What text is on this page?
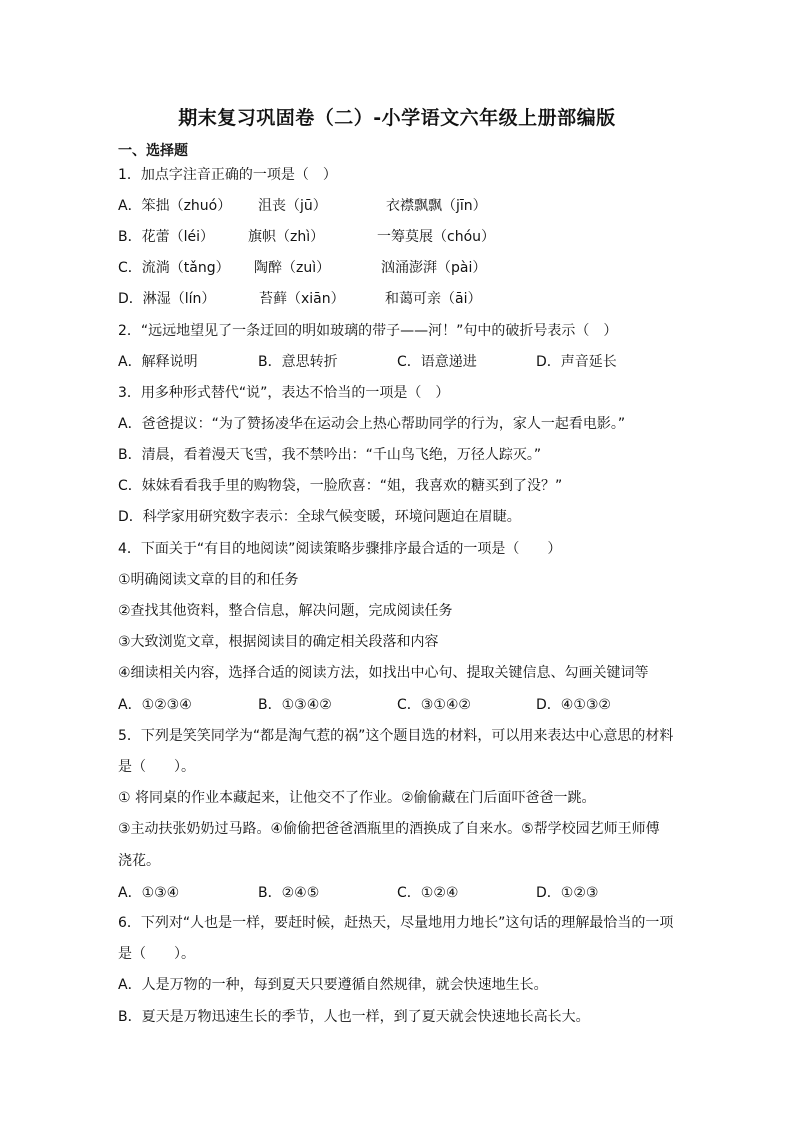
期末复习巩固卷（二）-小学语文六年级上册部编版
一、选择题
1．加点字注音正确的一项是（　）
A．笨拙（zhuó） 沮丧（jū）	衣襟飘飘（jīn）
B．花蕾（léi） 旗帜（zhì）	一筹莫展（chóu）
C．流淌（tǎng） 陶醉（zuì）	汹涌澎湃（pài）
D．淋湿（lín）	苔藓（xiān）	和蔼可亲（āi）
2．“远远地望见了一条迂回的明如玻璃的带子——河！”句中的破折号表示（　）
A．解释说明	B．意思转折	C．语意递进	D．声音延长
3．用多种形式替代“说”，表达不恰当的一项是（　）
A．爸爸提议：“为了赞扬凌华在运动会上热心帮助同学的行为，家人一起看电影。”
B．清晨，看着漫天飞雪，我不禁吟出：“千山鸟飞绝，万径人踪灭。”
C．妹妹看看我手里的购物袋，一脸欣喜：“姐，我喜欢的糖买到了没？”
D．科学家用研究数字表示：全球气候变暖，环境问题迫在眉睫。
4．下面关于“有目的地阅读”阅读策略步骤排序最合适的一项是（　　）
①明确阅读文章的目的和任务
②查找其他资料，整合信息，解决问题，完成阅读任务
③大致浏览文章，根据阅读目的确定相关段落和内容
④细读相关内容，选择合适的阅读方法，如找出中心句、提取关键信息、勾画关键词等
A．①②③④	B．①③④②	C．③①④②	D．④①③②
5．下列是笑笑同学为“都是淘气惹的祸”这个题目选的材料，可以用来表达中心意思的材料
是（　　）。
① 将同桌的作业本藏起来，让他交不了作业。②偷偷藏在门后面吓爸爸一跳。
③主动扶张奶奶过马路。④偷偷把爸爸酒瓶里的酒换成了自来水。⑤帮学校园艺师王师傅
浇花。
A．①③④	B．②④⑤	C．①②④	D．①②③
6．下列对“人也是一样，要赶时候，赶热天，尽量地用力地长”这句话的理解最恰当的一项
是（　　）。
A．人是万物的一种，每到夏天只要遵循自然规律，就会快速地生长。
B．夏天是万物迅速生长的季节，人也一样，到了夏天就会快速地长高长大。
